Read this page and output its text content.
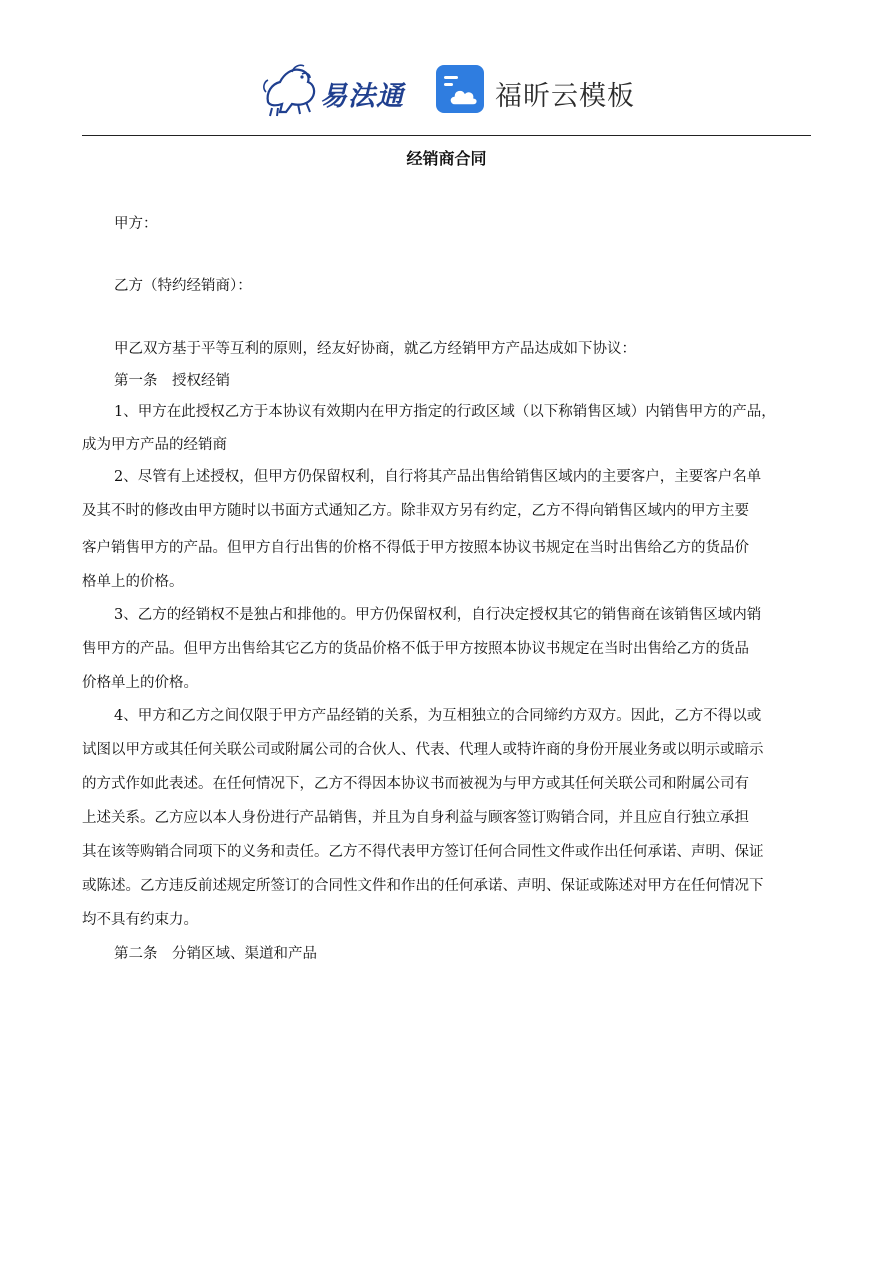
易法通	福昕云模板
经销商合同
甲方：
乙方（特约经销商）：
甲乙双方基于平等互利的原则，经友好协商，就乙方经销甲方产品达成如下协议：
第一条　授权经销
1、甲方在此授权乙方于本协议有效期内在甲方指定的行政区域（以下称销售区域）内销售甲方的产品，
成为甲方产品的经销商
2、尽管有上述授权，但甲方仍保留权利，自行将其产品出售给销售区域内的主要客户，主要客户名单
及其不时的修改由甲方随时以书面方式通知乙方。除非双方另有约定，乙方不得向销售区域内的甲方主要
客户销售甲方的产品。但甲方自行出售的价格不得低于甲方按照本协议书规定在当时出售给乙方的货品价
格单上的价格。
3、乙方的经销权不是独占和排他的。甲方仍保留权利，自行决定授权其它的销售商在该销售区域内销
售甲方的产品。但甲方出售给其它乙方的货品价格不低于甲方按照本协议书规定在当时出售给乙方的货品
价格单上的价格。
4、甲方和乙方之间仅限于甲方产品经销的关系，为互相独立的合同缔约方双方。因此，乙方不得以或
试图以甲方或其任何关联公司或附属公司的合伙人、代表、代理人或特许商的身份开展业务或以明示或暗示
的方式作如此表述。在任何情况下，乙方不得因本协议书而被视为与甲方或其任何关联公司和附属公司有
上述关系。乙方应以本人身份进行产品销售，并且为自身利益与顾客签订购销合同，并且应自行独立承担
其在该等购销合同项下的义务和责任。乙方不得代表甲方签订任何合同性文件或作出任何承诺、声明、保证
或陈述。乙方违反前述规定所签订的合同性文件和作出的任何承诺、声明、保证或陈述对甲方在任何情况下
均不具有约束力。
第二条　分销区域、渠道和产品
